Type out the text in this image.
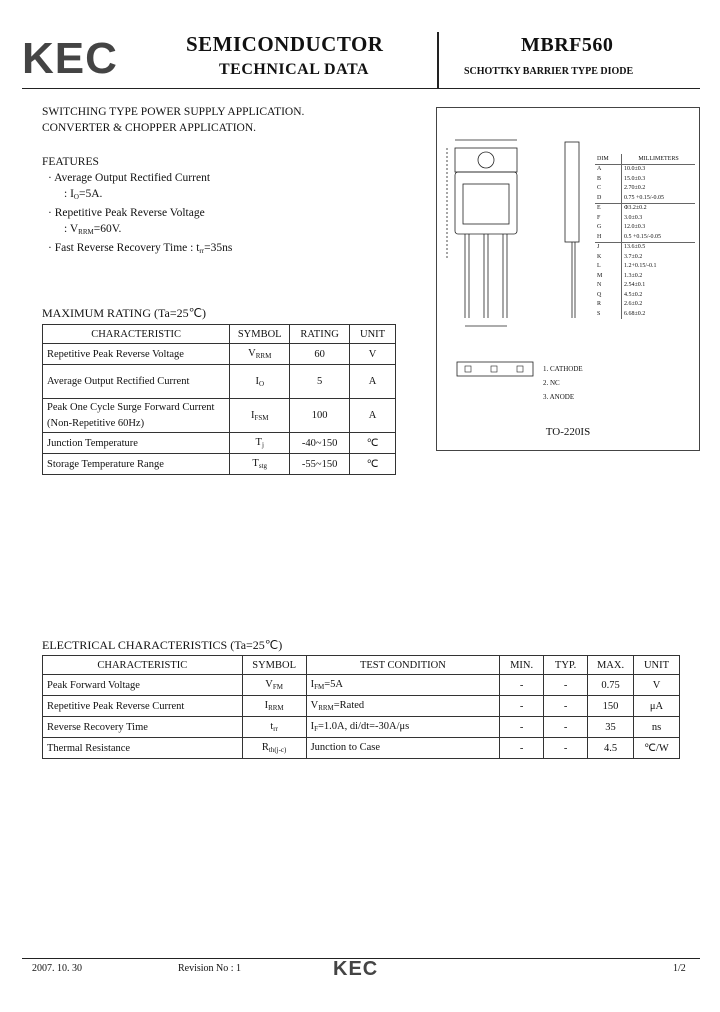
KEC	SEMICONDUCTOR
TECHNICAL DATA
MBRF560
SCHOTTKY BARRIER TYPE DIODE
SWITCHING TYPE POWER SUPPLY APPLICATION.
CONVERTER & CHOPPER APPLICATION.
FEATURES
· Average Output Rectified Current
: $I_O=5A$.
· Repetitive Peak Reverse Voltage
: $V_{RRM}=60V$.
· Fast Reverse Recovery Time : $t_{rr}=35ns$
MAXIMUM RATING (Ta=25℃)
CHARACTERISTIC	SYMBOL	RATING	UNIT
Repetitive Peak Reverse Voltage	$V_{RRM}$	60	V
Average Output Rectified Current	$I_O$	5	A
Peak One Cycle Surge Forward Current (Non-Repetitive 60Hz)	$I_{FSM}$	100	A
Junction Temperature	$T_j$	-40~150	℃
Storage Temperature Range	$T_{stg}$	-55~150	℃
DIM	MILLIMETERS
A	10.0±0.3
B	15.0±0.3
C	2.70±0.2
D	0.75 +0.15/-0.05
E	Φ3.2±0.2
F	3.0±0.3
G	12.0±0.3
H	0.5 +0.15/-0.05
J	13.6±0.5
K	3.7±0.2
L	1.2+0.15/-0.1
M	1.3±0.2
N	2.54±0.1
Q	4.5±0.2
R	2.6±0.2
S	6.68±0.2
1. CATHODE
2. NC
3. ANODE
TO-220IS
ELECTRICAL CHARACTERISTICS (Ta=25℃)
CHARACTERISTIC	SYMBOL	TEST CONDITION	MIN.	TYP.	MAX.	UNIT
Peak Forward Voltage	$V_{FM}$	$I_{FM}=5A$	-	-	0.75	V
Repetitive Peak Reverse Current	$I_{RRM}$	$V_{RRM}=Rated$	-	-	150	μA
Reverse Recovery Time	$t_{rr}$	$I_F=1.0A$, di/dt=-30A/μs	-	-	35	ns
Thermal Resistance	$R_{th(j-c)}$	Junction to Case	-	-	4.5	℃/W
2007. 10. 30	Revision No : 1	KEC	1/2
